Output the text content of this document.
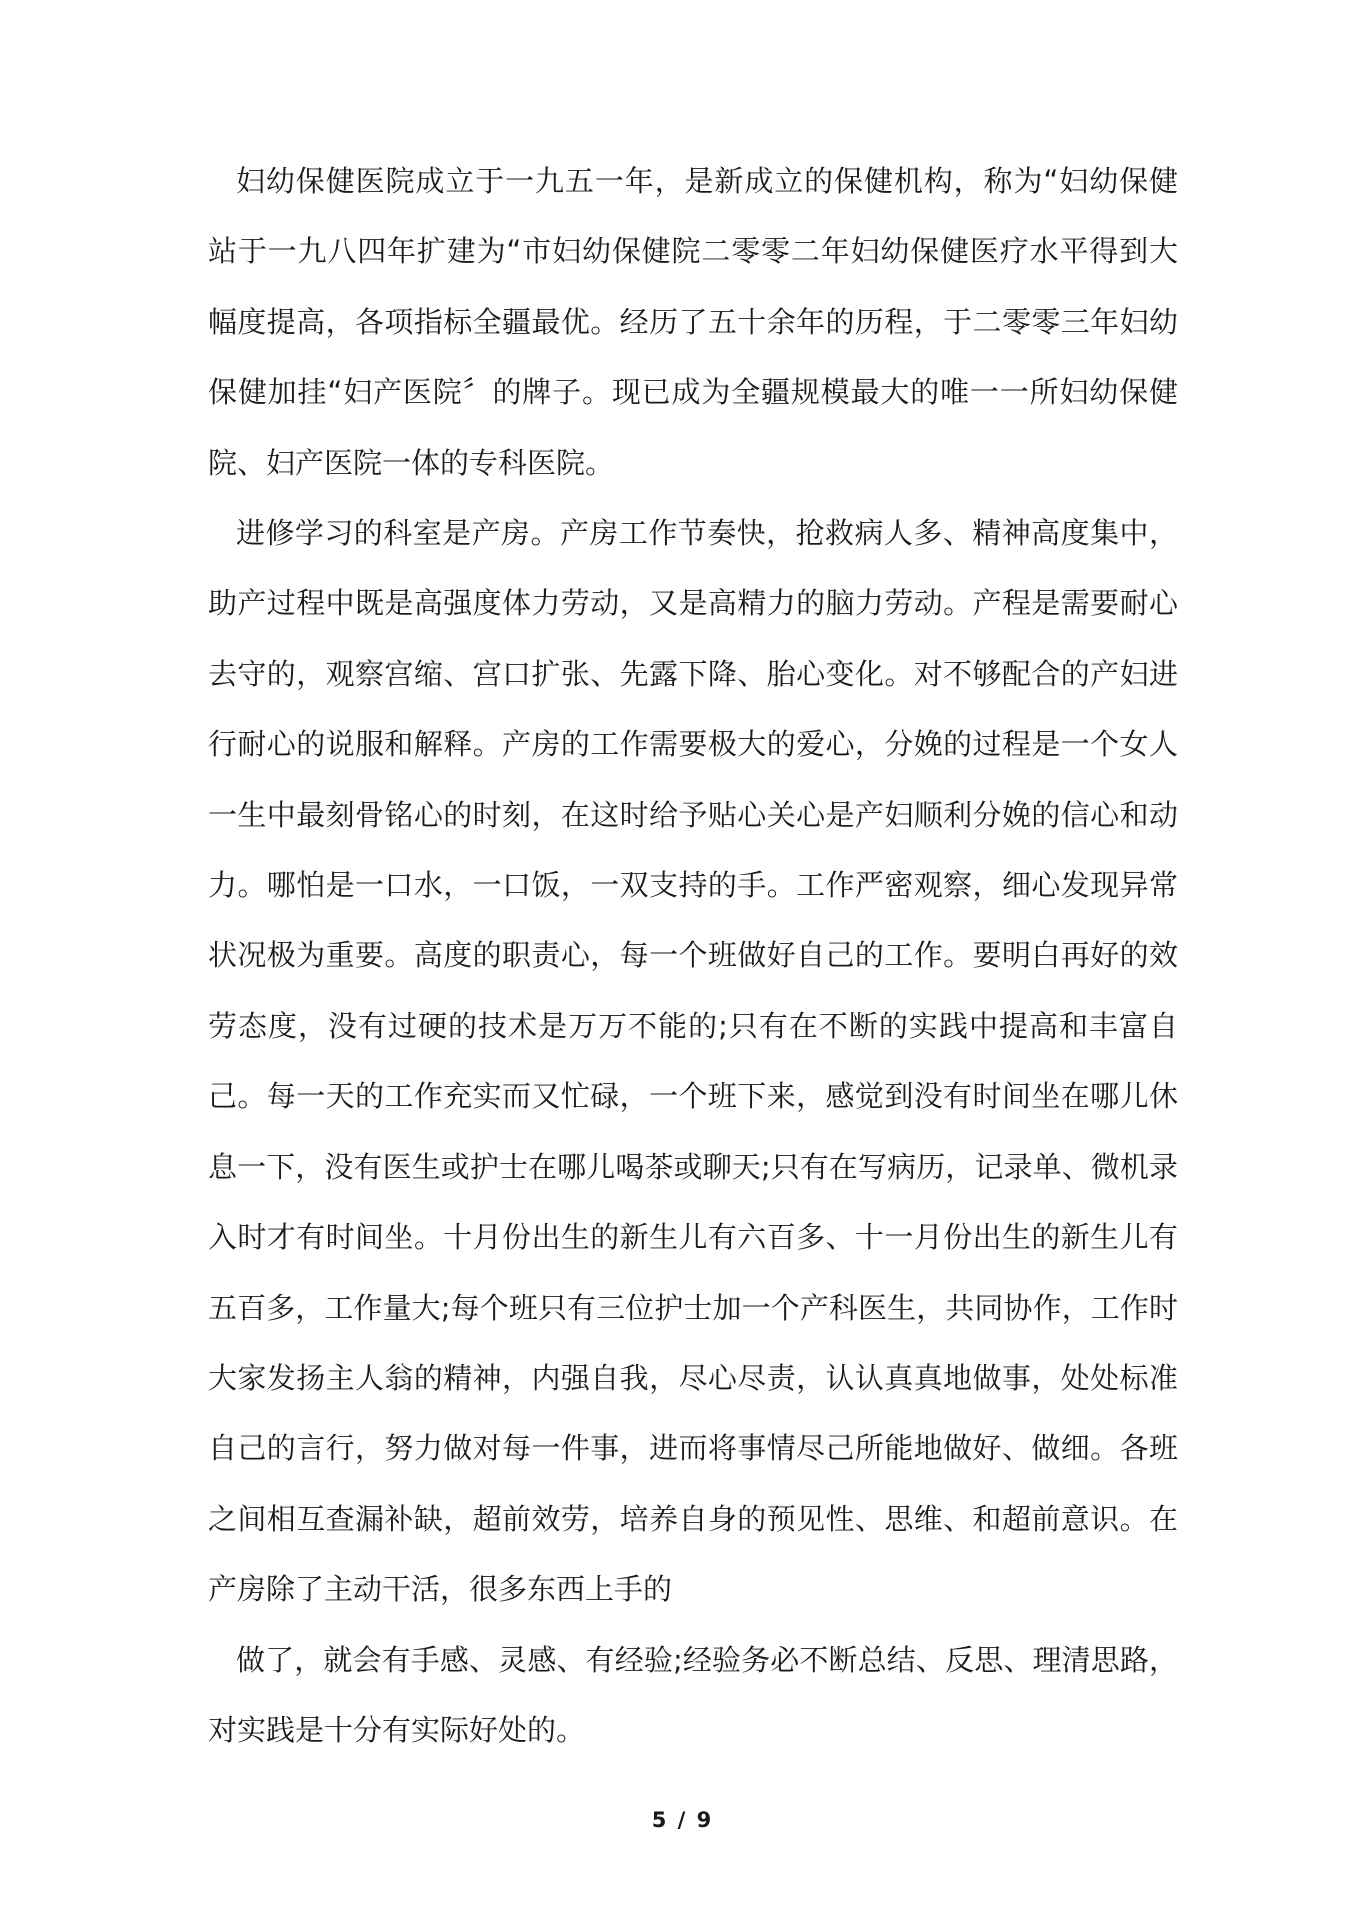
妇幼保健医院成立于一九五一年，是新成立的保健机构，称为“妇幼保健站于一九八四年扩建为“市妇幼保健院二零零二年妇幼保健医疗水平得到大幅度提高，各项指标全疆最优。经历了五十余年的历程，于二零零三年妇幼保健加挂“妇产医院〞的牌子。现已成为全疆规模最大的唯一一所妇幼保健院、妇产医院一体的专科医院。

进修学习的科室是产房。产房工作节奏快，抢救病人多、精神高度集中，助产过程中既是高强度体力劳动，又是高精力的脑力劳动。产程是需要耐心去守的，观察宫缩、宫口扩张、先露下降、胎心变化。对不够配合的产妇进行耐心的说服和解释。产房的工作需要极大的爱心，分娩的过程是一个女人一生中最刻骨铭心的时刻，在这时给予贴心关心是产妇顺利分娩的信心和动力。哪怕是一口水，一口饭，一双支持的手。工作严密观察，细心发现异常状况极为重要。高度的职责心，每一个班做好自己的工作。要明白再好的效劳态度，没有过硬的技术是万万不能的;只有在不断的实践中提高和丰富自己。每一天的工作充实而又忙碌，一个班下来，感觉到没有时间坐在哪儿休息一下，没有医生或护士在哪儿喝茶或聊天;只有在写病历，记录单、微机录入时才有时间坐。十月份出生的新生儿有六百多、十一月份出生的新生儿有五百多，工作量大;每个班只有三位护士加一个产科医生，共同协作，工作时大家发扬主人翁的精神，内强自我，尽心尽责，认认真真地做事，处处标准自己的言行，努力做对每一件事，进而将事情尽己所能地做好、做细。各班之间相互查漏补缺，超前效劳，培养自身的预见性、思维、和超前意识。在产房除了主动干活，很多东西上手的

做了，就会有手感、灵感、有经验;经验务必不断总结、反思、理清思路，对实践是十分有实际好处的。

5 / 9
